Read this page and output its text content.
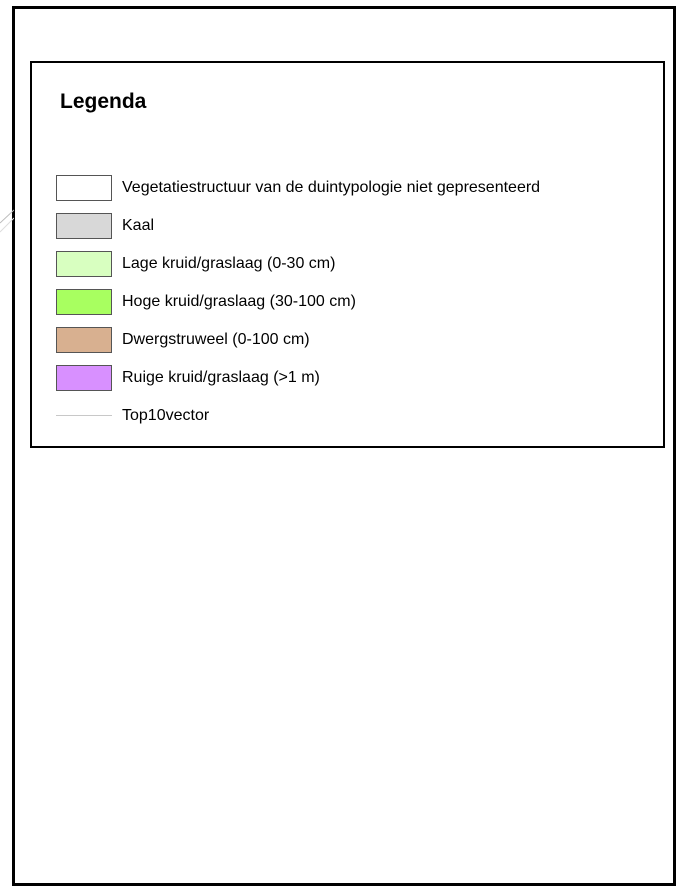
Legenda
Vegetatiestructuur van de duintypologie niet gepresenteerd
Kaal
Lage kruid/graslaag (0-30 cm)
Hoge kruid/graslaag (30-100 cm)
Dwergstruweel (0-100 cm)
Ruige kruid/graslaag (>1 m)
Top10vector
